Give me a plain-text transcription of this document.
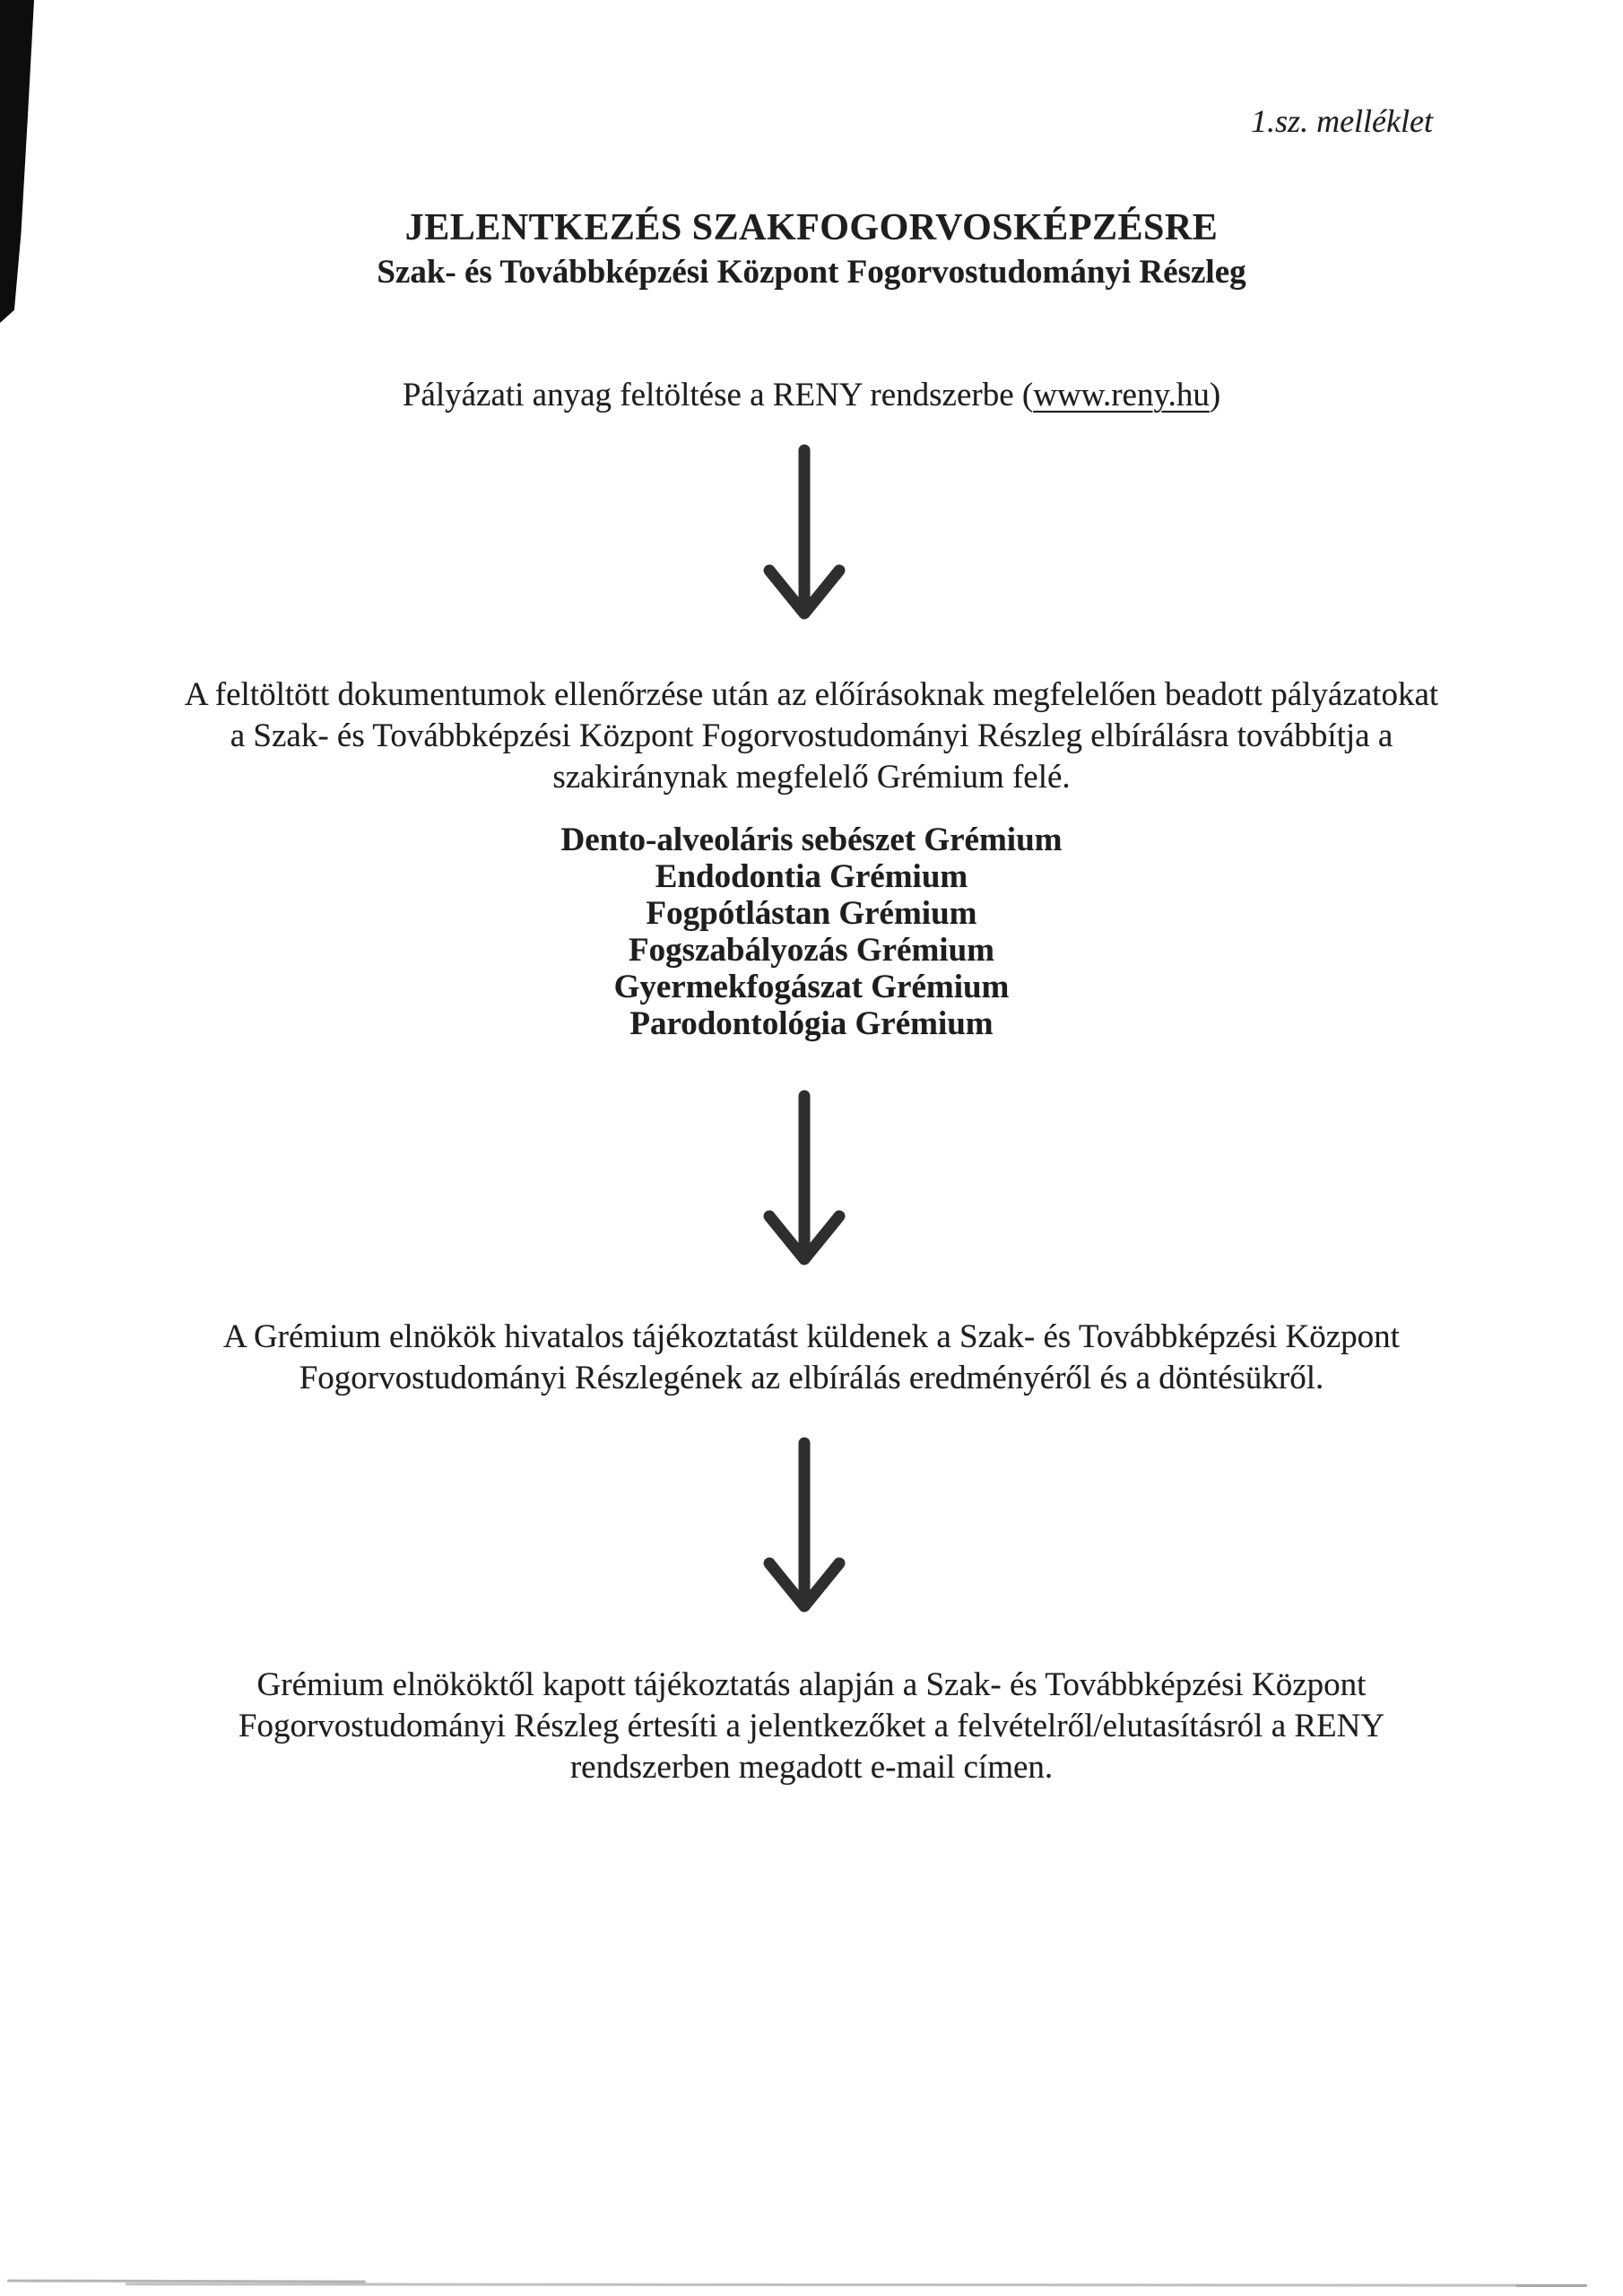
1.sz. melléklet
JELENTKEZÉS SZAKFOGORVOSKÉPZÉSRE
Szak- és Továbbképzési Központ Fogorvostudományi Részleg
Pályázati anyag feltöltése a RENY rendszerbe (www.reny.hu)
A feltöltött dokumentumok ellenőrzése után az előírásoknak megfelelően beadott pályázatokat
a Szak- és Továbbképzési Központ Fogorvostudományi Részleg elbírálásra továbbítja a
szakiránynak megfelelő Grémium felé.
Dento-alveoláris sebészet Grémium
Endodontia Grémium
Fogpótlástan Grémium
Fogszabályozás Grémium
Gyermekfogászat Grémium
Parodontológia Grémium
A Grémium elnökök hivatalos tájékoztatást küldenek a Szak- és Továbbképzési Központ
Fogorvostudományi Részlegének az elbírálás eredményéről és a döntésükről.
Grémium elnököktől kapott tájékoztatás alapján a Szak- és Továbbképzési Központ
Fogorvostudományi Részleg értesíti a jelentkezőket a felvételről/elutasításról a RENY
rendszerben megadott e-mail címen.
